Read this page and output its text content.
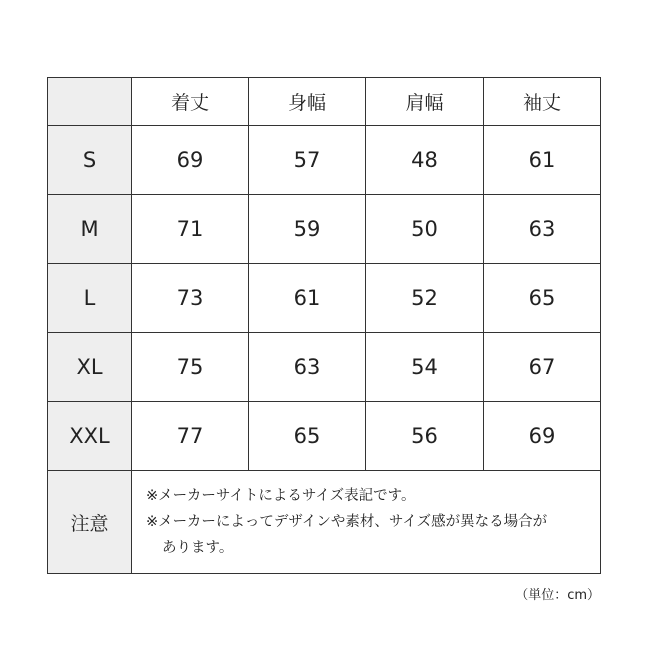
	着丈	身幅	肩幅	袖丈
S	69	57	48	61
M	71	59	50	63
L	73	61	52	65
XL	75	63	54	67
XXL	77	65	56	69
注意	※メーカーサイトによるサイズ表記です。
※メーカーによってデザインや素材、サイズ感が異なる場合が
あります。			
（単位：cm）
